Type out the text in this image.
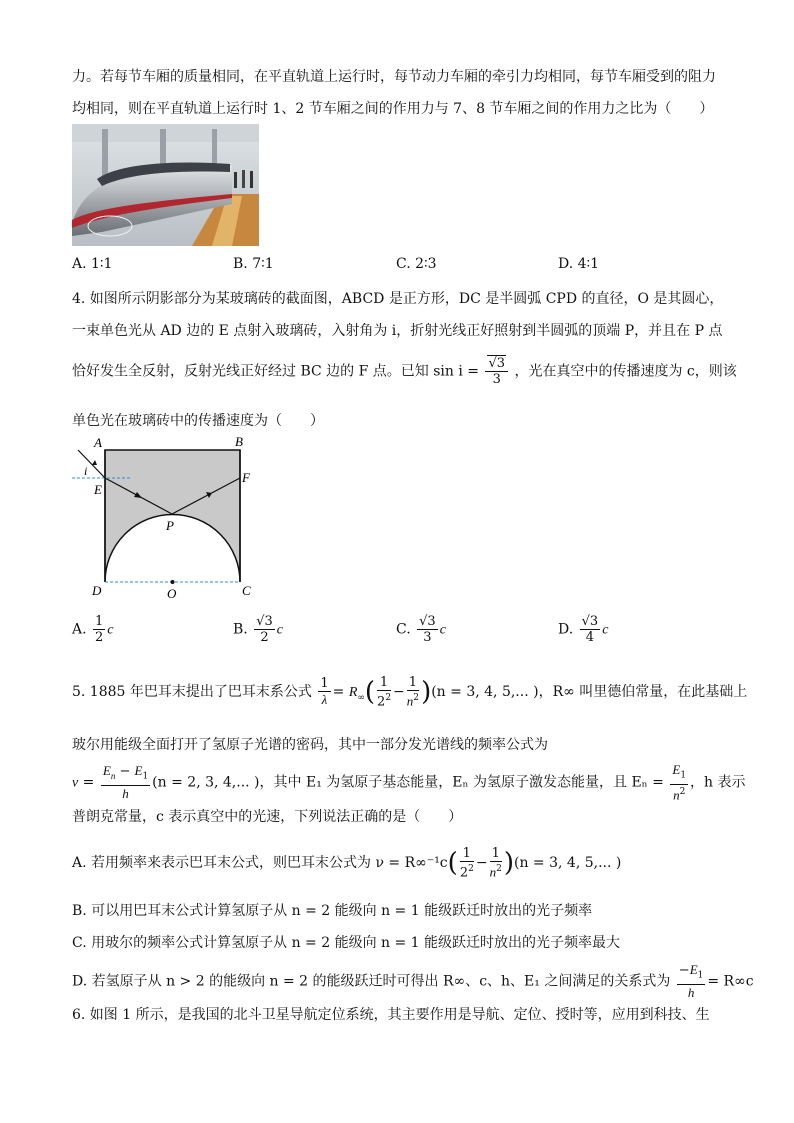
力。若每节车厢的质量相同，在平直轨道上运行时，每节动力车厢的牵引力均相同，每节车厢受到的阻力
均相同，则在平直轨道上运行时 1、2 节车厢之间的作用力与 7、8 节车厢之间的作用力之比为（　　）
A. 1∶1	B. 7∶1	C. 2∶3	D. 4∶1
4. 如图所示阴影部分为某玻璃砖的截面图，ABCD 是正方形，DC 是半圆弧 CPD 的直径，O 是其圆心，
一束单色光从 AD 边的 E 点射入玻璃砖，入射角为 i，折射光线正好照射到半圆弧的顶端 P，并且在 P 点
恰好发生全反射，反射光线正好经过 BC 边的 F 点。已知 $\sin i = \frac{√3}{3}$ ，光在真空中的传播速度为 c，则该
单色光在玻璃砖中的传播速度为（　　）
A	B
C
D
E
F
P
O
i
A. $\frac{1}{2}$ c	B. $\frac{√3}{2}$ c	C. $\frac{√3}{3}$ c	D. $\frac{√3}{4}$ c
5. 1885 年巴耳末提出了巴耳末系公式 $\frac{1}{\lambda} = R_\infty( \frac{1}{2^2} - \frac{1}{n^2} )(n = 3$, 4, 5,... )，R∞ 叫里德伯常量，在此基础上
玻尔用能级全面打开了氢原子光谱的密码，其中一部分发光谱线的频率公式为
$\nu = \frac{E_n - E_1}{h} (n = 2$, 3, 4,... )，其中 E₁ 为氢原子基态能量，Eₙ 为氢原子激发态能量，且 $E_n = \frac{E_1}{n^2}$ ，h 表示
普朗克常量，c 表示真空中的光速，下列说法正确的是（　　）
A. 若用频率来表示巴耳末公式，则巴耳末公式为 $\nu = R\infty^{-1}c( \frac{1}{2^2} - \frac{1}{n^2} )(n = 3$, 4, 5,... )
B. 可以用巴耳末公式计算氢原子从 n = 2 能级向 n = 1 能级跃迁时放出的光子频率
C. 用玻尔的频率公式计算氢原子从 n = 2 能级向 n = 1 能级跃迁时放出的光子频率最大
D. 若氢原子从 n > 2 的能级向 n = 2 的能级跃迁时可得出 R∞、c、h、E₁ 之间满足的关系式为 $\frac{-E_1}{h} = R\infty c$
6. 如图 1 所示，是我国的北斗卫星导航定位系统，其主要作用是导航、定位、授时等，应用到科技、生
